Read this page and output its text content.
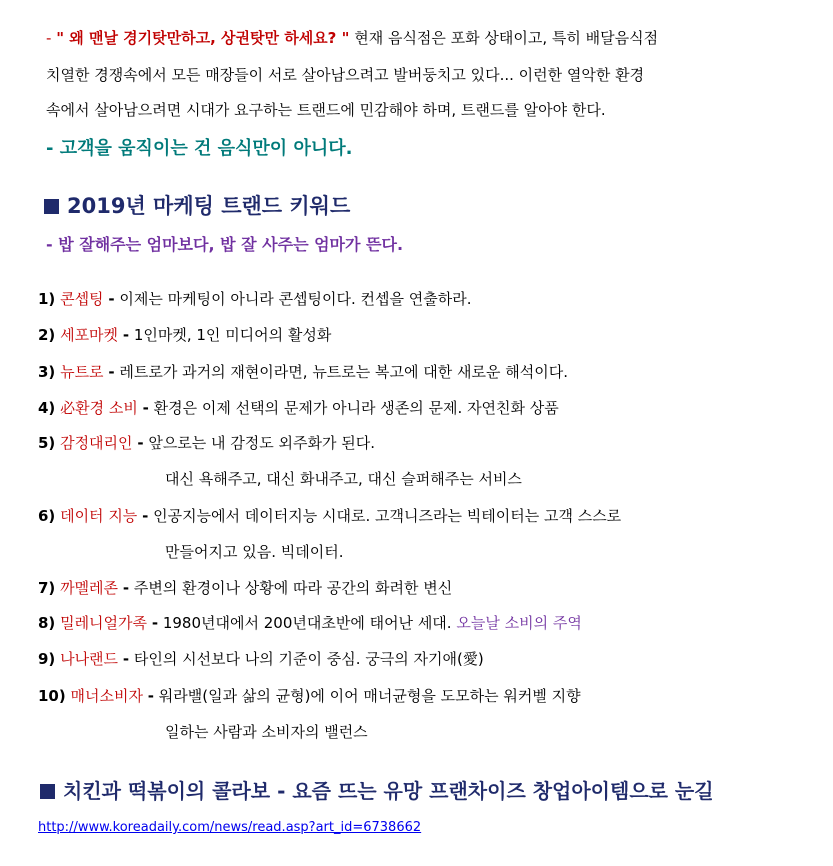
- " 왜 맨날 경기탓만하고, 상권탓만 하세요? " 현재 음식점은 포화 상태이고, 특히 배달음식점
치열한 경쟁속에서 모든 매장들이 서로 살아남으려고 발버둥치고 있다... 이런한 열악한 환경
속에서 살아남으려면 시대가 요구하는 트랜드에 민감해야 하며, 트랜드를 알아야 한다.
- 고객을 움직이는 건 음식만이 아니다.
2019년 마케팅 트랜드 키워드
- 밥 잘해주는 엄마보다, 밥 잘 사주는 엄마가 뜬다.
1) 콘셉팅 - 이제는 마케팅이 아니라 콘셉팅이다. 컨셉을 연출하라.
2) 세포마켓 - 1인마켓, 1인 미디어의 활성화
3) 뉴트로 - 레트로가 과거의 재현이라면, 뉴트로는 복고에 대한 새로운 해석이다.
4) 必환경 소비 - 환경은 이제 선택의 문제가 아니라 생존의 문제. 자연친화 상품
5) 감정대리인 - 앞으로는 내 감정도 외주화가 된다.
대신 욕해주고, 대신 화내주고, 대신 슬퍼해주는 서비스
6) 데이터 지능 - 인공지능에서 데이터지능 시대로. 고객니즈라는 빅테이터는 고객 스스로
만들어지고 있음. 빅데이터.
7) 까멜레존 - 주변의 환경이나 상황에 따라 공간의 화려한 변신
8) 밀레니얼가족 - 1980년대에서 200년대초반에 태어난 세대. 오늘날 소비의 주역
9) 나나랜드 - 타인의 시선보다 나의 기준이 중심. 궁극의 자기애(愛)
10) 매너소비자 - 워라밸(일과 삶의 균형)에 이어 매너균형을 도모하는 워커벨 지향
일하는 사람과 소비자의 밸런스
치킨과 떡볶이의 콜라보 - 요즘 뜨는 유망 프랜차이즈 창업아이템으로 눈길
http://www.koreadaily.com/news/read.asp?art_id=6738662
